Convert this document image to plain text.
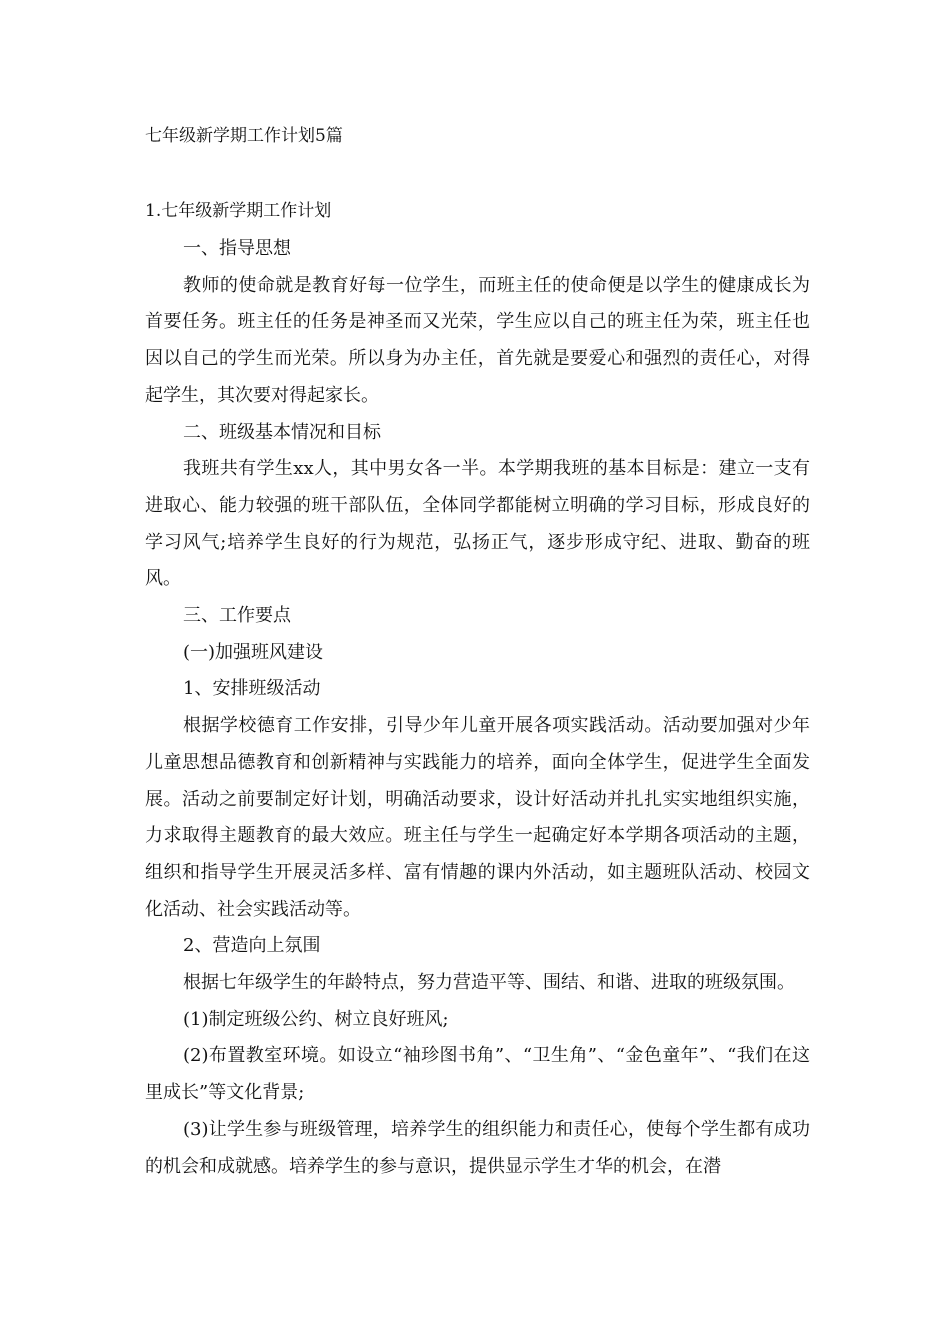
七年级新学期工作计划5篇
1.七年级新学期工作计划

一、指导思想

教师的使命就是教育好每一位学生，而班主任的使命便是以学生的健康成长为首要任务。班主任的任务是神圣而又光荣，学生应以自己的班主任为荣，班主任也因以自己的学生而光荣。所以身为办主任，首先就是要爱心和强烈的责任心，对得起学生，其次要对得起家长。

二、班级基本情况和目标

我班共有学生xx人，其中男女各一半。本学期我班的基本目标是：建立一支有进取心、能力较强的班干部队伍，全体同学都能树立明确的学习目标，形成良好的学习风气;培养学生良好的行为规范，弘扬正气，逐步形成守纪、进取、勤奋的班风。

三、工作要点

(一)加强班风建设

1、安排班级活动

根据学校德育工作安排，引导少年儿童开展各项实践活动。活动要加强对少年儿童思想品德教育和创新精神与实践能力的培养，面向全体学生，促进学生全面发展。活动之前要制定好计划，明确活动要求，设计好活动并扎扎实实地组织实施，力求取得主题教育的最大效应。班主任与学生一起确定好本学期各项活动的主题，组织和指导学生开展灵活多样、富有情趣的课内外活动，如主题班队活动、校园文化活动、社会实践活动等。

2、营造向上氛围

根据七年级学生的年龄特点，努力营造平等、围结、和谐、进取的班级氛围。

(1)制定班级公约、树立良好班风;

(2)布置教室环境。如设立“袖珍图书角”、“卫生角”、“金色童年”、“我们在这里成长”等文化背景;

(3)让学生参与班级管理，培养学生的组织能力和责任心，使每个学生都有成功的机会和成就感。培养学生的参与意识，提供显示学生才华的机会，在潜
